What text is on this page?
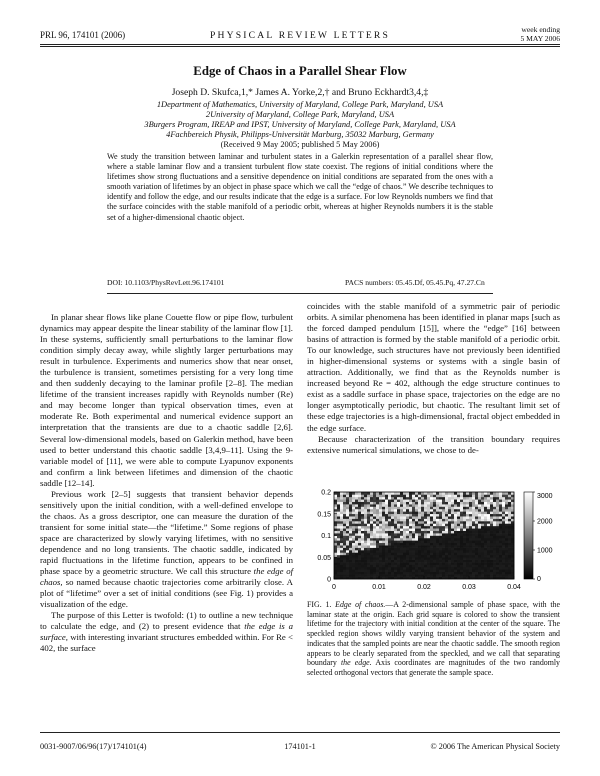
PRL 96, 174101 (2006)	PHYSICAL REVIEW LETTERS
week ending
5 MAY 2006
Edge of Chaos in a Parallel Shear Flow
Joseph D. Skufca,1,* James A. Yorke,2,† and Bruno Eckhardt3,4,‡
1Department of Mathematics, University of Maryland, College Park, Maryland, USA
2University of Maryland, College Park, Maryland, USA
3Burgers Program, IREAP and IPST, University of Maryland, College Park, Maryland, USA
4Fachbereich Physik, Philipps-Universität Marburg, 35032 Marburg, Germany
(Received 9 May 2005; published 5 May 2006)
We study the transition between laminar and turbulent states in a Galerkin representation of a parallel shear flow, where a stable laminar flow and a transient turbulent flow state coexist. The regions of initial conditions where the lifetimes show strong fluctuations and a sensitive dependence on initial conditions are separated from the ones with a smooth variation of lifetimes by an object in phase space which we call the “edge of chaos.” We describe techniques to identify and follow the edge, and our results indicate that the edge is a surface. For low Reynolds numbers we find that the surface coincides with the stable manifold of a periodic orbit, whereas at higher Reynolds numbers it is the stable set of a higher-dimensional chaotic object.
DOI: 10.1103/PhysRevLett.96.174101	PACS numbers: 05.45.Df, 05.45.Pq, 47.27.Cn

In planar shear flows like plane Couette flow or pipe flow, turbulent dynamics may appear despite the linear stability of the laminar flow [1]. In these systems, sufficiently small perturbations to the laminar flow condition simply decay away, while slightly larger perturbations may result in turbulence. Experiments and numerics show that near onset, the turbulence is transient, sometimes persisting for a very long time and then suddenly decaying to the laminar profile [2–8]. The median lifetime of the transient increases rapidly with Reynolds number (Re) and may become longer than typical observation times, even at moderate Re. Both experimental and numerical evidence support an interpretation that the transients are due to a chaotic saddle [2,6]. Several low-dimensional models, based on Galerkin method, have been used to better understand this chaotic saddle [3,4,9–11]. Using the 9-variable model of [11], we were able to compute Lyapunov exponents and confirm a link between lifetimes and dimension of the chaotic saddle [12–14].

Previous work [2–5] suggests that transient behavior depends sensitively upon the initial condition, with a well-defined envelope to the chaos. As a gross descriptor, one can measure the duration of the transient for some initial state—the “lifetime.” Some regions of phase space are characterized by slowly varying lifetimes, with no sensitive dependence and no long transients. The chaotic saddle, indicated by rapid fluctuations in the lifetime function, appears to be confined in phase space by a geometric structure. We call this structure the edge of chaos, so named because chaotic trajectories come arbitrarily close. A plot of “lifetime” over a set of initial conditions (see Fig. 1) provides a visualization of the edge.

The purpose of this Letter is twofold: (1) to outline a new technique to calculate the edge, and (2) to present evidence that the edge is a surface, with interesting invariant structures embedded within. For Re < 402, the surface

coincides with the stable manifold of a symmetric pair of periodic orbits. A similar phenomena has been identified in planar maps [such as the forced damped pendulum [15]], where the “edge” [16] between basins of attraction is formed by the stable manifold of a periodic orbit. To our knowledge, such structures have not previously been identified in higher-dimensional systems or systems with a single basin of attraction. Additionally, we find that as the Reynolds number is increased beyond Re = 402, although the edge structure continues to exist as a saddle surface in phase space, trajectories on the edge are no longer asymptotically periodic, but chaotic. The resultant limit set of these edge trajectories is a high-dimensional, fractal object embedded in the edge surface.

Because characterization of the transition boundary requires extensive numerical simulations, we chose to de-

0	0.01	0.02	0.03	0.04
0
0.05
0.1
0.15
0.2
0
1000
2000
3000
FIG. 1. Edge of chaos.—A 2-dimensional sample of phase space, with the laminar state at the origin. Each grid square is colored to show the transient lifetime for the trajectory with initial condition at the center of the square. The speckled region shows wildly varying transient behavior of the system and indicates that the sampled points are near the chaotic saddle. The smooth region appears to be clearly separated from the speckled, and we call that separating boundary the edge. Axis coordinates are magnitudes of the two randomly selected orthogonal vectors that generate the sample space.
0031-9007/06/96(17)/174101(4)	174101-1	© 2006 The American Physical Society
